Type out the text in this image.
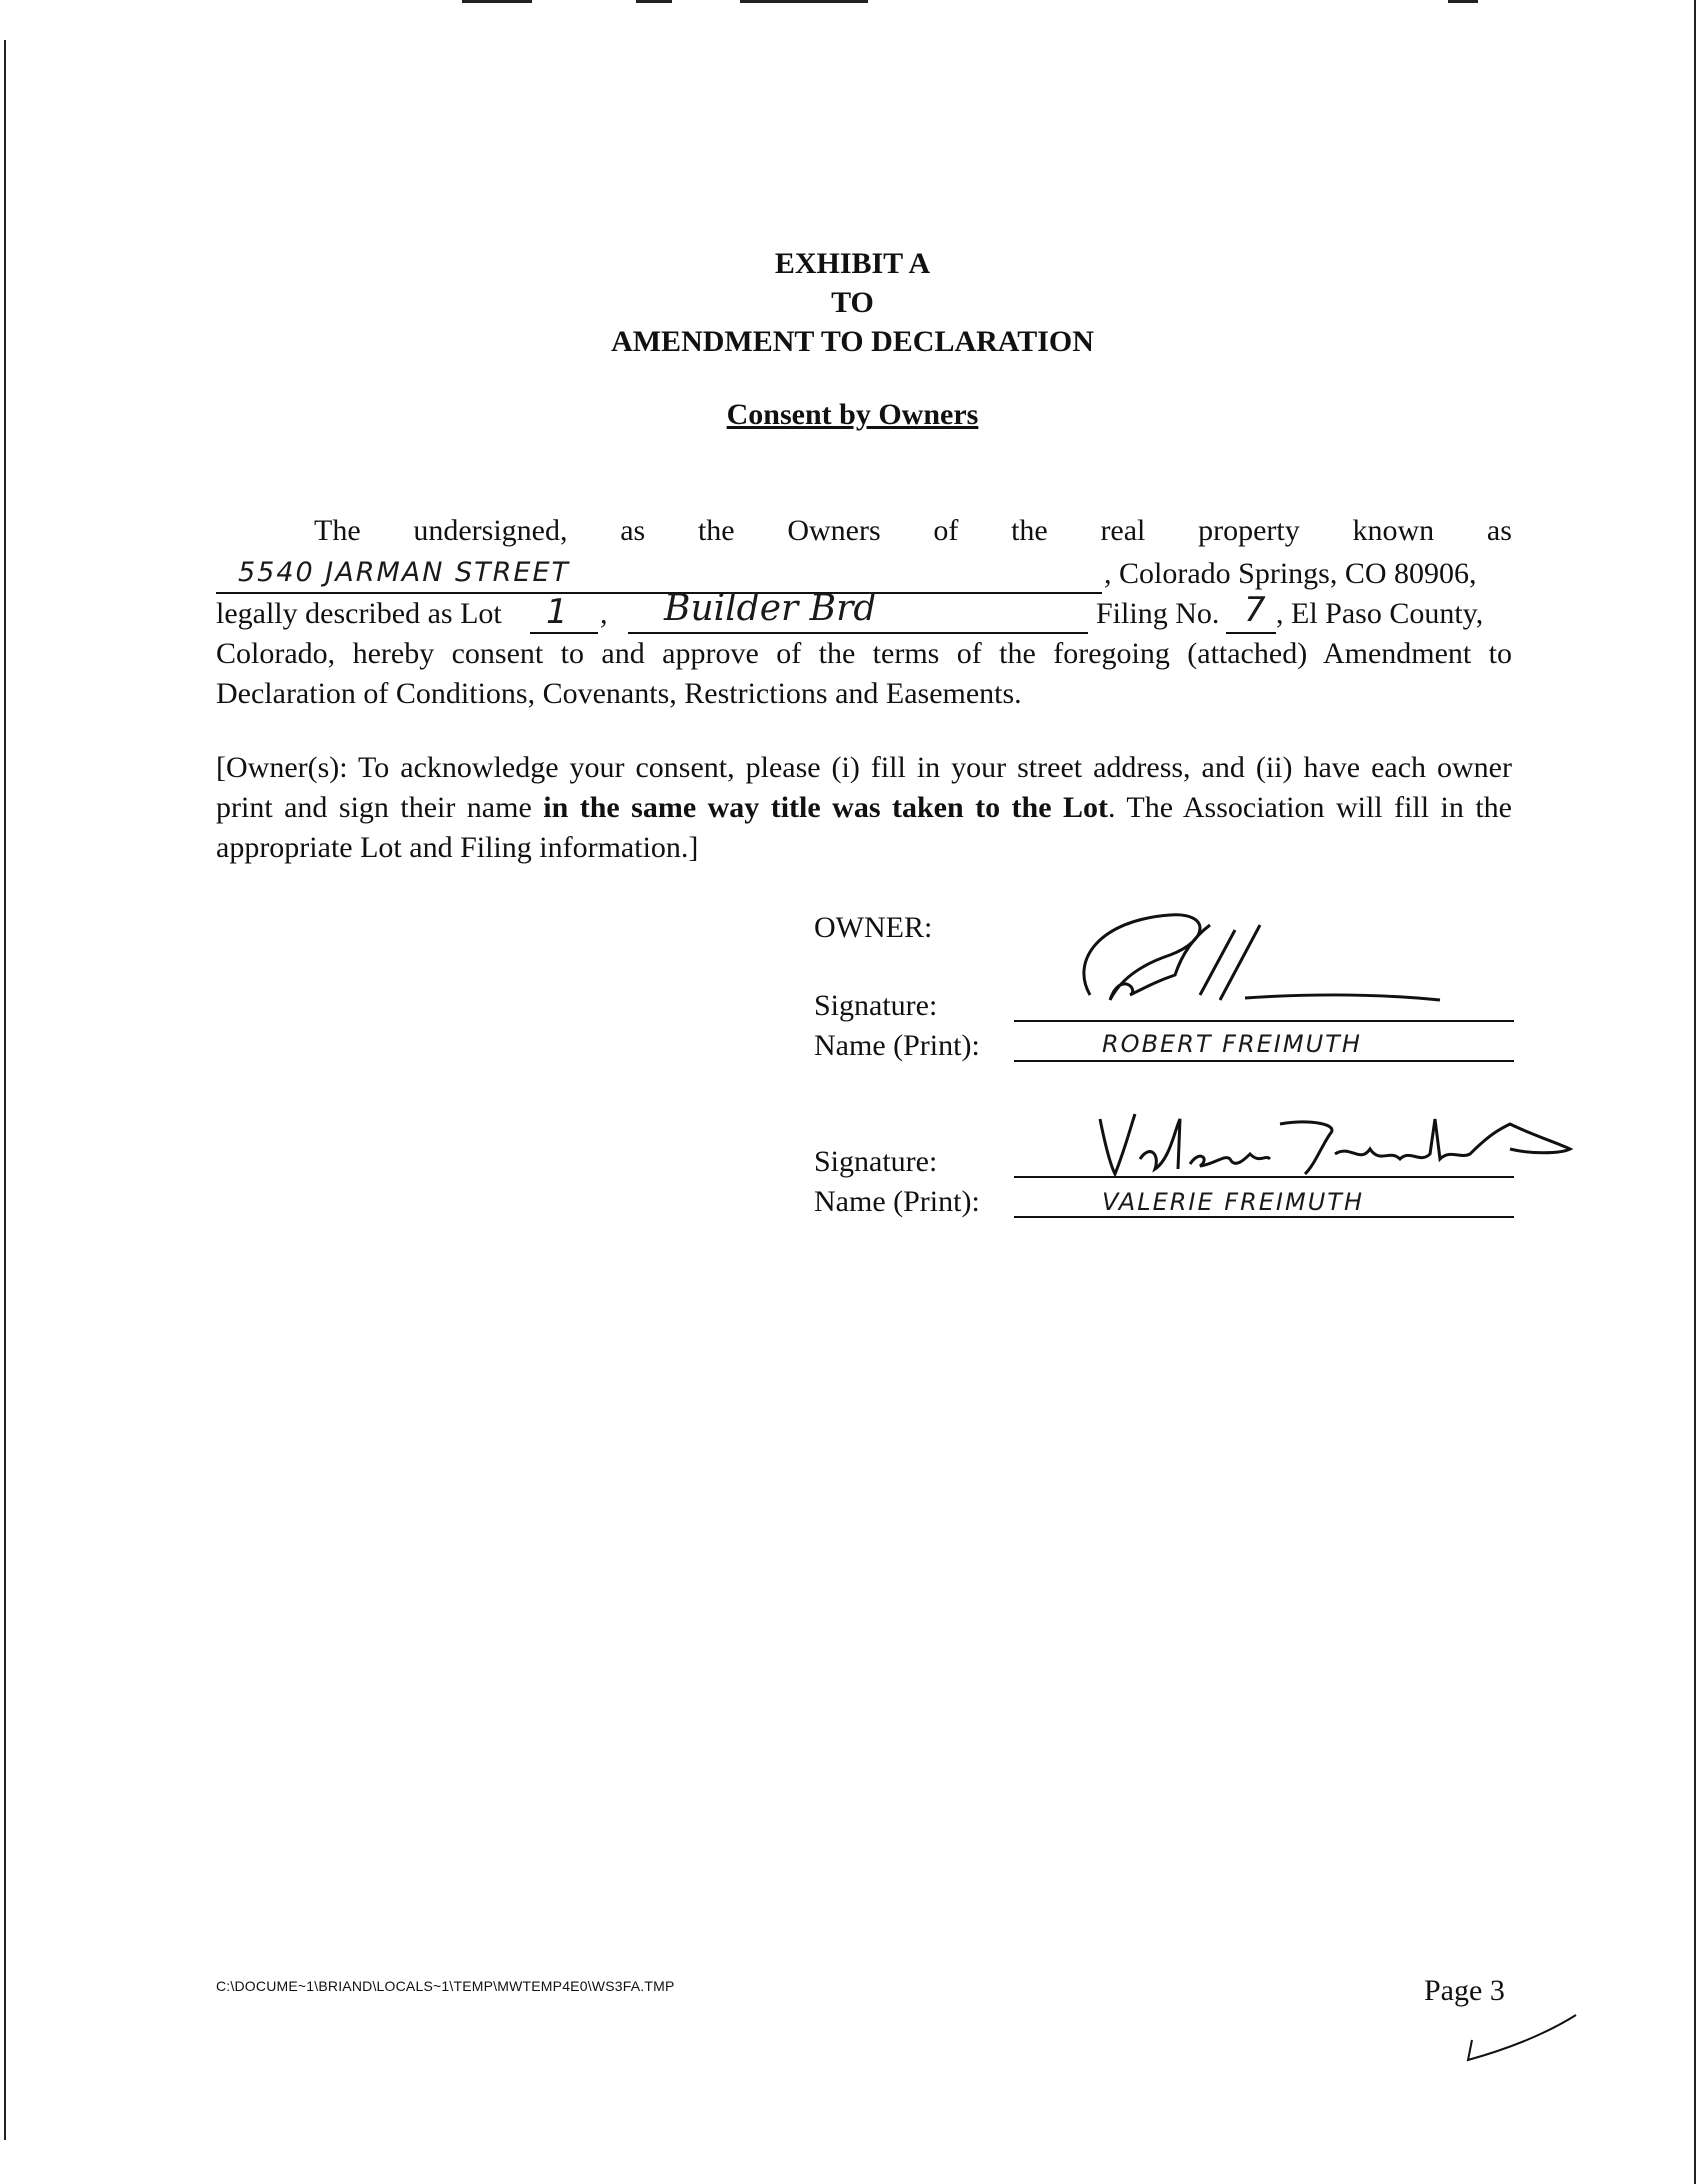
EXHIBIT A
TO
AMENDMENT TO DECLARATION
Consent by Owners
The undersigned, as the Owners of the real property known as
5540 JARMAN STREET	, Colorado Springs, CO 80906,
legally described as Lot 1 , Builder Brd	Filing No. 7 , El Paso County,
Colorado, hereby consent to and approve of the terms of the foregoing (attached) Amendment to
Declaration of Conditions, Covenants, Restrictions and Easements.
[Owner(s): To acknowledge your consent, please (i) fill in your street address, and (ii) have each owner print and sign their name in the same way title was taken to the Lot. The Association will fill in the appropriate Lot and Filing information.]
OWNER:
Signature:
Name (Print):	ROBERT FREIMUTH
Signature:
Name (Print):	VALERIE FREIMUTH
C:\DOCUME~1\BRIAND\LOCALS~1\TEMP\MWTEMP4E0\WS3FA.TMP	Page 3
